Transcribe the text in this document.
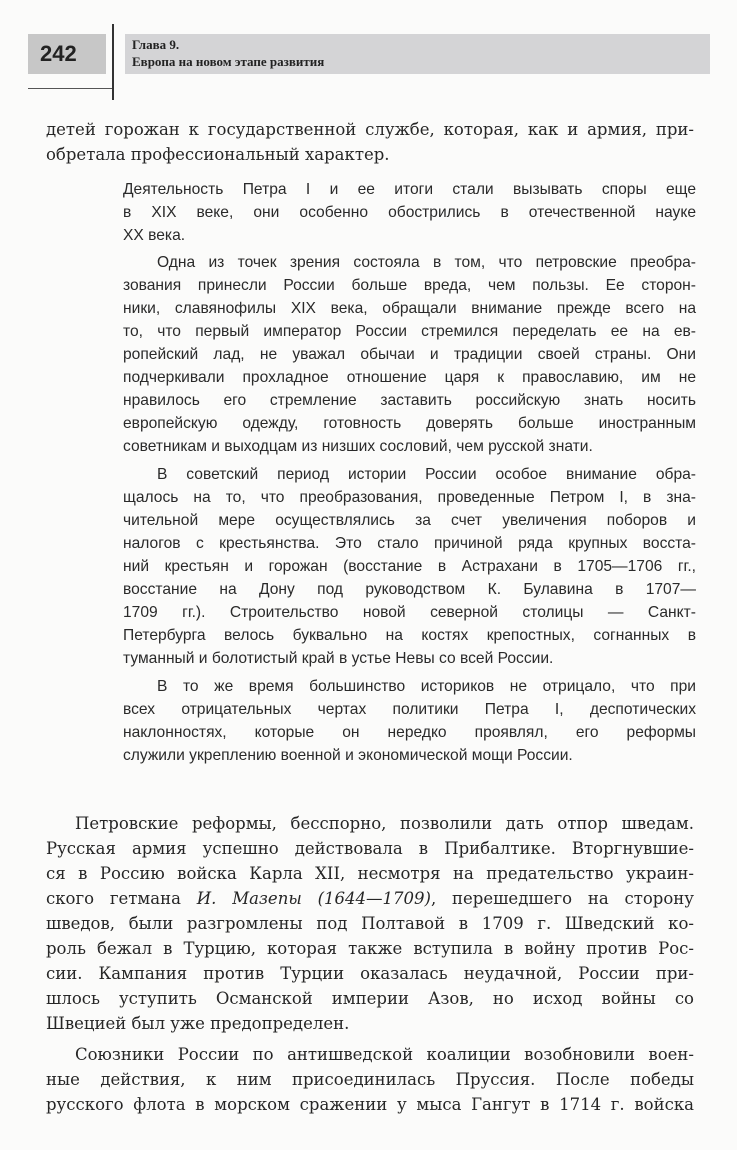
242	Глава 9.
Европа на новом этапе развития
детей горожан к государственной службе, которая, как и армия, при-
обретала профессиональный характер.
Деятельность Петра I и ее итоги стали вызывать споры еще
в XIX веке, они особенно обострились в отечественной науке
XX века.
Одна из точек зрения состояла в том, что петровские преобра-
зования принесли России больше вреда, чем пользы. Ее сторон-
ники, славянофилы XIX века, обращали внимание прежде всего на
то, что первый император России стремился переделать ее на ев-
ропейский лад, не уважал обычаи и традиции своей страны. Они
подчеркивали прохладное отношение царя к православию, им не
нравилось его стремление заставить российскую знать носить
европейскую одежду, готовность доверять больше иностранным
советникам и выходцам из низших сословий, чем русской знати.
В советский период истории России особое внимание обра-
щалось на то, что преобразования, проведенные Петром I, в зна-
чительной мере осуществлялись за счет увеличения поборов и
налогов с крестьянства. Это стало причиной ряда крупных восста-
ний крестьян и горожан (восстание в Астрахани в 1705—1706 гг.,
восстание на Дону под руководством К. Булавина в 1707—
1709 гг.). Строительство новой северной столицы — Санкт-
Петербурга велось буквально на костях крепостных, согнанных в
туманный и болотистый край в устье Невы со всей России.
В то же время большинство историков не отрицало, что при
всех отрицательных чертах политики Петра I, деспотических
наклонностях, которые он нередко проявлял, его реформы
служили укреплению военной и экономической мощи России.
Петровские реформы, бесспорно, позволили дать отпор шведам.
Русская армия успешно действовала в Прибалтике. Вторгнувшие-
ся в Россию войска Карла XII, несмотря на предательство украин-
ского гетмана И. Мазепы (1644—1709), перешедшего на сторону
шведов, были разгромлены под Полтавой в 1709 г. Шведский ко-
роль бежал в Турцию, которая также вступила в войну против Рос-
сии. Кампания против Турции оказалась неудачной, России при-
шлось уступить Османской империи Азов, но исход войны со
Швецией был уже предопределен.
Союзники России по антишведской коалиции возобновили воен-
ные действия, к ним присоединилась Пруссия. После победы
русского флота в морском сражении у мыса Гангут в 1714 г. войска
